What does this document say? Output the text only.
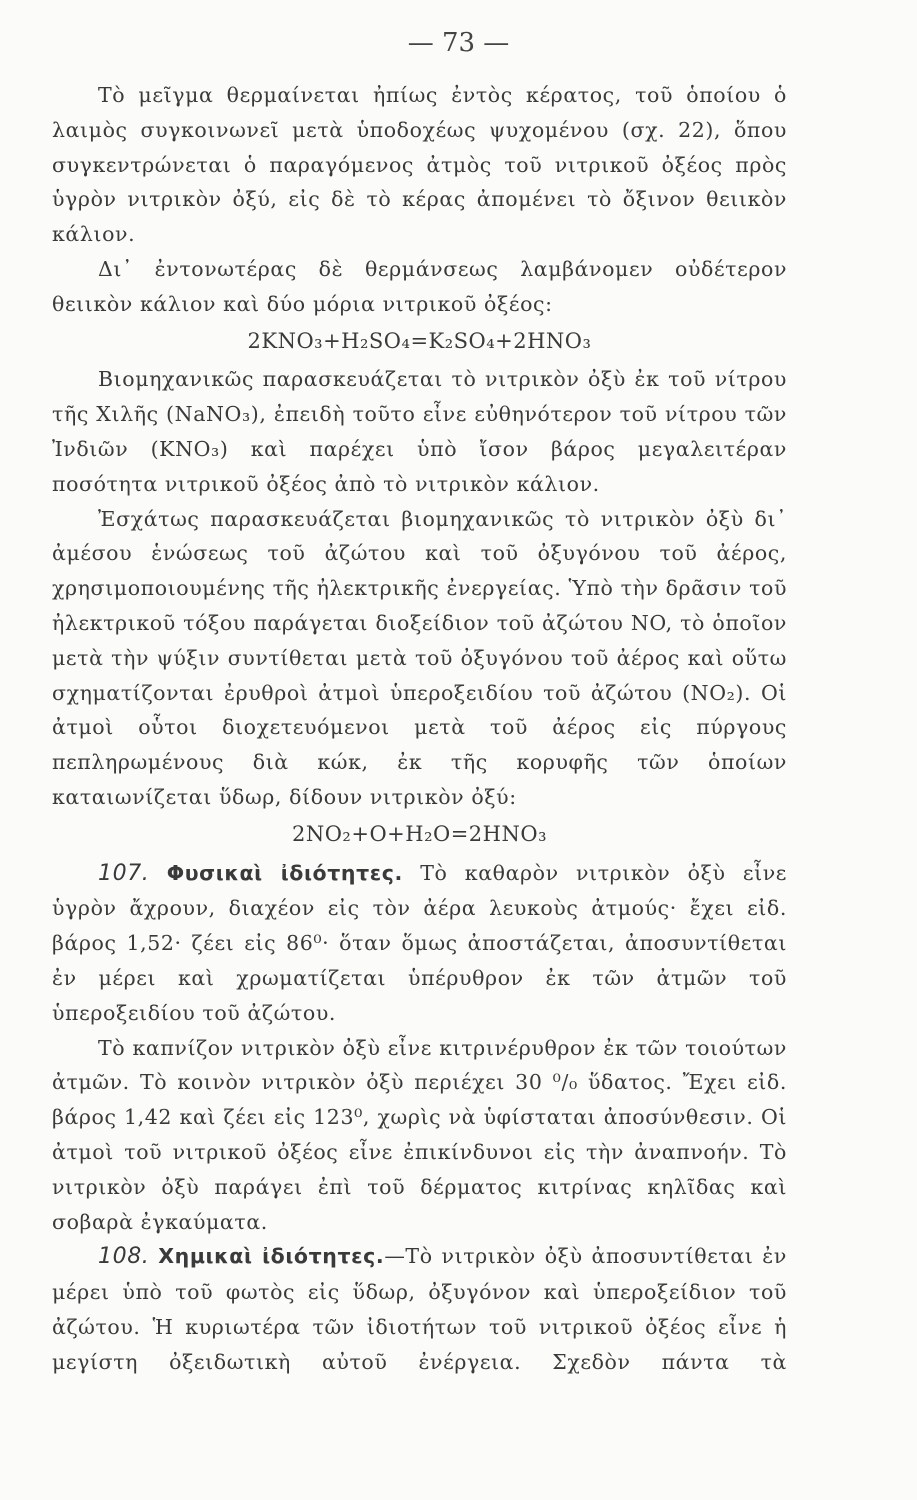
— 73 —

Τὸ μεῖγμα θερμαίνεται ἠπίως ἐντὸς κέρατος, τοῦ ὁποίου ὁ λαιμὸς συγκοινωνεῖ μετὰ ὑποδοχέως ψυχομένου (σχ. 22), ὅπου συγκεντρώνεται ὁ παραγόμενος ἀτμὸς τοῦ νιτρικοῦ ὀξέος πρὸς ὑγρὸν νιτρικὸν ὀξύ, εἰς δὲ τὸ κέρας ἀπομένει τὸ ὄξινον θειικὸν κάλιον.

Δι᾿ ἐντονωτέρας δὲ θερμάνσεως λαμβάνομεν οὐδέτερον θειικὸν κάλιον καὶ δύο μόρια νιτρικοῦ ὀξέος:

2KNO₃+H₂SO₄=K₂SO₄+2HNO₃

Βιομηχανικῶς παρασκευάζεται τὸ νιτρικὸν ὀξὺ ἐκ τοῦ νίτρου τῆς Χιλῆς (NaNO₃), ἐπειδὴ τοῦτο εἶνε εὐθηνότερον τοῦ νίτρου τῶν Ἰνδιῶν (KNO₃) καὶ παρέχει ὑπὸ ἴσον βάρος μεγαλειτέραν ποσότητα νιτρικοῦ ὀξέος ἀπὸ τὸ νιτρικὸν κάλιον.

Ἐσχάτως παρασκευάζεται βιομηχανικῶς τὸ νιτρικὸν ὀξὺ δι᾿ ἀμέσου ἑνώσεως τοῦ ἀζώτου καὶ τοῦ ὀξυγόνου τοῦ ἀέρος, χρησιμοποιουμένης τῆς ἠλεκτρικῆς ἐνεργείας. Ὑπὸ τὴν δρᾶσιν τοῦ ἠλεκτρικοῦ τόξου παράγεται διοξείδιον τοῦ ἀζώτου NO, τὸ ὁποῖον μετὰ τὴν ψύξιν συντίθεται μετὰ τοῦ ὀξυγόνου τοῦ ἀέρος καὶ οὕτω σχηματίζονται ἐρυθροὶ ἀτμοὶ ὑπεροξειδίου τοῦ ἀζώτου (NO₂). Οἱ ἀτμοὶ οὗτοι διοχετευόμενοι μετὰ τοῦ ἀέρος εἰς πύργους πεπληρωμένους διὰ κώκ, ἐκ τῆς κορυφῆς τῶν ὁποίων καταιωνίζεται ὕδωρ, δίδουν νιτρικὸν ὀξύ:

2NO₂+O+H₂O=2HNO₃

107. Φυσικαὶ ἰδιότητες. Τὸ καθαρὸν νιτρικὸν ὀξὺ εἶνε ὑγρὸν ἄχρουν, διαχέον εἰς τὸν ἀέρα λευκοὺς ἀτμούς· ἔχει εἰδ. βάρος 1,52· ζέει εἰς 86⁰· ὅταν ὅμως ἀποστάζεται, ἀποσυντίθεται ἐν μέρει καὶ χρωματίζεται ὑπέρυθρον ἐκ τῶν ἀτμῶν τοῦ ὑπεροξειδίου τοῦ ἀζώτου.

Τὸ καπνίζον νιτρικὸν ὀξὺ εἶνε κιτρινέρυθρον ἐκ τῶν τοιούτων ἀτμῶν. Τὸ κοινὸν νιτρικὸν ὀξὺ περιέχει 30 ⁰/₀ ὕδατος. Ἔχει εἰδ. βάρος 1,42 καὶ ζέει εἰς 123⁰, χωρὶς νὰ ὑφίσταται ἀποσύνθεσιν. Οἱ ἀτμοὶ τοῦ νιτρικοῦ ὀξέος εἶνε ἐπικίνδυνοι εἰς τὴν ἀναπνοήν. Τὸ νιτρικὸν ὀξὺ παράγει ἐπὶ τοῦ δέρματος κιτρίνας κηλῖδας καὶ σοβαρὰ ἐγκαύματα.

108. Χημικαὶ ἰδιότητες.—Τὸ νιτρικὸν ὀξὺ ἀποσυντίθεται ἐν μέρει ὑπὸ τοῦ φωτὸς εἰς ὕδωρ, ὀξυγόνον καὶ ὑπεροξείδιον τοῦ ἀζώτου. Ἡ κυριωτέρα τῶν ἰδιοτήτων τοῦ νιτρικοῦ ὀξέος εἶνε ἡ μεγίστη ὀξειδωτικὴ αὐτοῦ ἐνέργεια. Σχεδὸν πάντα τὰ
